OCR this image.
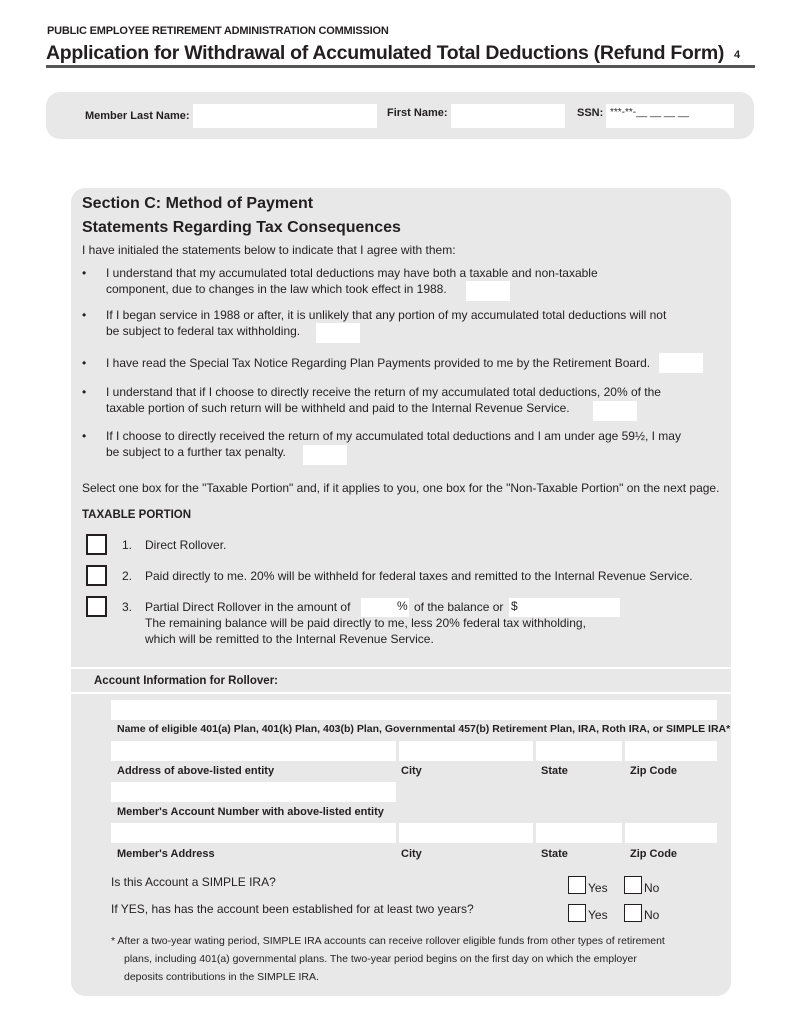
PUBLIC EMPLOYEE RETIREMENT ADMINISTRATION COMMISSION
Application for Withdrawal of Accumulated Total Deductions (Refund Form) 4
Member Last Name:	First Name:	SSN: ***-**-__ __ __ __
Section C: Method of Payment
Statements Regarding Tax Consequences
I have initialed the statements below to indicate that I agree with them:
• I understand that my accumulated total deductions may have both a taxable and non-taxable
component, due to changes in the law which took effect in 1988.
• If I began service in 1988 or after, it is unlikely that any portion of my accumulated total deductions will not
be subject to federal tax withholding.
• I have read the Special Tax Notice Regarding Plan Payments provided to me by the Retirement Board.
• I understand that if I choose to directly receive the return of my accumulated total deductions, 20% of the
taxable portion of such return will be withheld and paid to the Internal Revenue Service.
• If I choose to directly received the return of my accumulated total deductions and I am under age 59½, I may
be subject to a further tax penalty.
Select one box for the "Taxable Portion" and, if it applies to you, one box for the "Non-Taxable Portion" on the next page.
TAXABLE PORTION
1. Direct Rollover.
2. Paid directly to me. 20% will be withheld for federal taxes and remitted to the Internal Revenue Service.
3. Partial Direct Rollover in the amount of	% of the balance or $
The remaining balance will be paid directly to me, less 20% federal tax withholding,
which will be remitted to the Internal Revenue Service.
Account Information for Rollover:
Name of eligible 401(a) Plan, 401(k) Plan, 403(b) Plan, Governmental 457(b) Retirement Plan, IRA, Roth IRA, or SIMPLE IRA*
Address of above-listed entity	City	State	Zip Code
Member's Account Number with above-listed entity
Member's Address	City	State	Zip Code
Is this Account a SIMPLE IRA?	Yes	No
If YES, has has the account been established for at least two years?	Yes	No
* After a two-year wating period, SIMPLE IRA accounts can receive rollover eligible funds from other types of retirement
plans, including 401(a) governmental plans. The two-year period begins on the first day on which the employer
deposits contributions in the SIMPLE IRA.
